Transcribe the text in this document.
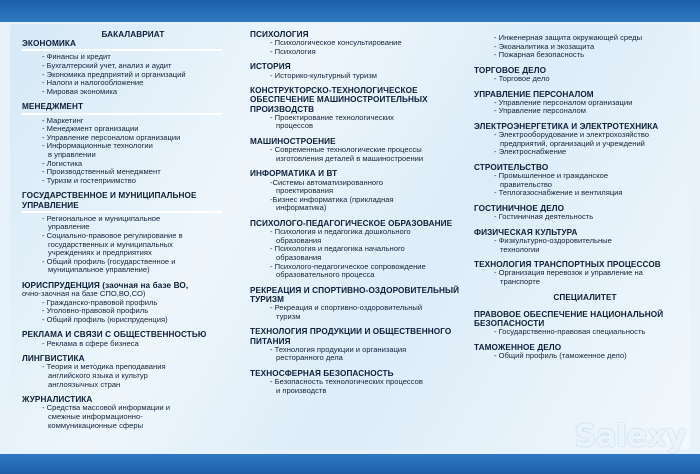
БАКАЛАВРИАТ
ЭКОНОМИКА
- Финансы и кредит
- Бухгалтерский учет, анализ и аудит
- Экономика предприятий и организаций
- Налоги и налогообложение
- Мировая экономика
МЕНЕДЖМЕНТ
- Маркетинг
- Менеджмент организации
- Управление персоналом организации
- Информационные технологии
в управлении
- Логистика
- Производственный менеджмент
- Туризм и гостеприимство
ГОСУДАРСТВЕННОЕ И МУНИЦИПАЛЬНОЕ УПРАВЛЕНИЕ
- Региональное и муниципальное
управление
- Социально-правовое регулирование в
государственных и муниципальных
учреждениях и предприятиях
- Общий профиль (государственное и
муниципальное управление)
ЮРИСПРУДЕНЦИЯ (заочная на базе ВО,
очно-заочная на базе СПО,ВО,СО)
- Гражданско-правовой профиль
- Уголовно-правовой профиль
- Общий профиль (юриспруденция)
РЕКЛАМА И СВЯЗИ С ОБЩЕСТВЕННОСТЬЮ
- Реклама в сфере бизнеса
ЛИНГВИСТИКА
- Теория и методика преподавания
английского языка и культур
англоязычных стран
ЖУРНАЛИСТИКА
- Средства массовой информации и
смежные информационно-
коммуникационные сферы
ПСИХОЛОГИЯ
- Психологическое консультирование
- Психология
ИСТОРИЯ
- Историко-культурный туризм
КОНСТРУКТОРСКО-ТЕХНОЛОГИЧЕСКОЕ ОБЕСПЕЧЕНИЕ МАШИНОСТРОИТЕЛЬНЫХ ПРОИЗВОДСТВ
- Проектирование технологических
процессов
МАШИНОСТРОЕНИЕ
- Современные технологические процессы
изготовления деталей в машиностроении
ИНФОРМАТИКА И ВТ
-Системы автоматизированного
проектирования
-Бизнес информатика (прикладная
информатика)
ПСИХОЛОГО-ПЕДАГОГИЧЕСКОЕ ОБРАЗОВАНИЕ
- Психология и педагогика дошкольного
образования
- Психология и педагогика начального
образования
- Психолого-педагогическое сопровождение
образовательного процесса
РЕКРЕАЦИЯ И СПОРТИВНО-ОЗДОРОВИТЕЛЬНЫЙ ТУРИЗМ
- Рекреация и спортивно-оздоровительный
туризм
ТЕХНОЛОГИЯ ПРОДУКЦИИ И ОБЩЕСТВЕННОГО ПИТАНИЯ
- Технология продукции и организация
ресторанного дела
ТЕХНОСФЕРНАЯ БЕЗОПАСНОСТЬ
- Безопасность технологических процессов
и производств
- Инженерная защита окружающей среды
- Экоаналитика и экозащита
- Пожарная безопасность
ТОРГОВОЕ ДЕЛО
- Торговое дело
УПРАВЛЕНИЕ ПЕРСОНАЛОМ
- Управление персоналом организации
- Управление персоналом
ЭЛЕКТРОЭНЕРГЕТИКА И ЭЛЕКТРОТЕХНИКА
- Электрооборудование и электрохозяйство
предприятий, организаций и учреждений
- Электроснабжение
СТРОИТЕЛЬСТВО
- Промышленное и гражданское
правительство
- Теплогазоснабжение и вентиляция
ГОСТИНИЧНОЕ ДЕЛО
- Гостиничная деятельность
ФИЗИЧЕСКАЯ КУЛЬТУРА
- Физкультурно-оздоровительные
технологии
ТЕХНОЛОГИЯ ТРАНСПОРТНЫХ ПРОЦЕССОВ
- Организация перевозок и управление на
транспорте
СПЕЦИАЛИТЕТ
ПРАВОВОЕ ОБЕСПЕЧЕНИЕ НАЦИОНАЛЬНОЙ БЕЗОПАСНОСТИ
- Государственно-правовая специальность
ТАМОЖЕННОЕ ДЕЛО
- Общий профиль (таможенное дело)
Salexy
